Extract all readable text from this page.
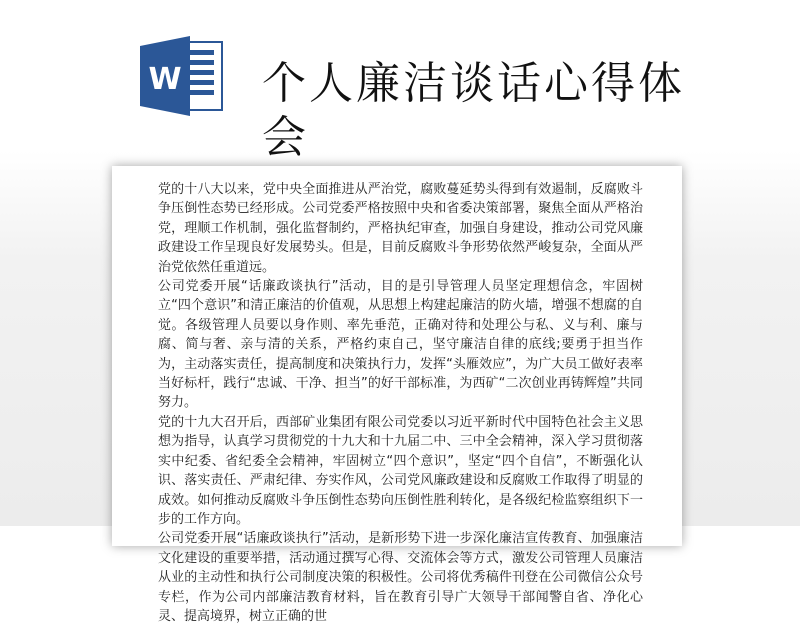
W 个人廉洁谈话心得体会

党的十八大以来，党中央全面推进从严治党，腐败蔓延势头得到有效遏制，反腐败斗争压倒性态势已经形成。公司党委严格按照中央和省委决策部署，聚焦全面从严格治党，理顺工作机制，强化监督制约，严格执纪审查，加强自身建设，推动公司党风廉政建设工作呈现良好发展势头。但是，目前反腐败斗争形势依然严峻复杂，全面从严治党依然任重道远。

公司党委开展“话廉政谈执行”活动，目的是引导管理人员坚定理想信念，牢固树立“四个意识”和清正廉洁的价值观，从思想上构建起廉洁的防火墙，增强不想腐的自觉。各级管理人员要以身作则、率先垂范，正确对待和处理公与私、义与利、廉与腐、简与奢、亲与清的关系，严格约束自己，坚守廉洁自律的底线;要勇于担当作为，主动落实责任，提高制度和决策执行力，发挥“头雁效应”，为广大员工做好表率当好标杆，践行“忠诚、干净、担当”的好干部标准，为西矿“二次创业再铸辉煌”共同努力。

党的十九大召开后，西部矿业集团有限公司党委以习近平新时代中国特色社会主义思想为指导，认真学习贯彻党的十九大和十九届二中、三中全会精神，深入学习贯彻落实中纪委、省纪委全会精神，牢固树立“四个意识”，坚定“四个自信”，不断强化认识、落实责任、严肃纪律、夯实作风，公司党风廉政建设和反腐败工作取得了明显的成效。如何推动反腐败斗争压倒性态势向压倒性胜利转化，是各级纪检监察组织下一步的工作方向。

公司党委开展“话廉政谈执行”活动，是新形势下进一步深化廉洁宣传教育、加强廉洁文化建设的重要举措，活动通过撰写心得、交流体会等方式，激发公司管理人员廉洁从业的主动性和执行公司制度决策的积极性。公司将优秀稿件刊登在公司微信公众号专栏，作为公司内部廉洁教育材料，旨在教育引导广大领导干部闻警自省、净化心灵、提高境界，树立正确的世
